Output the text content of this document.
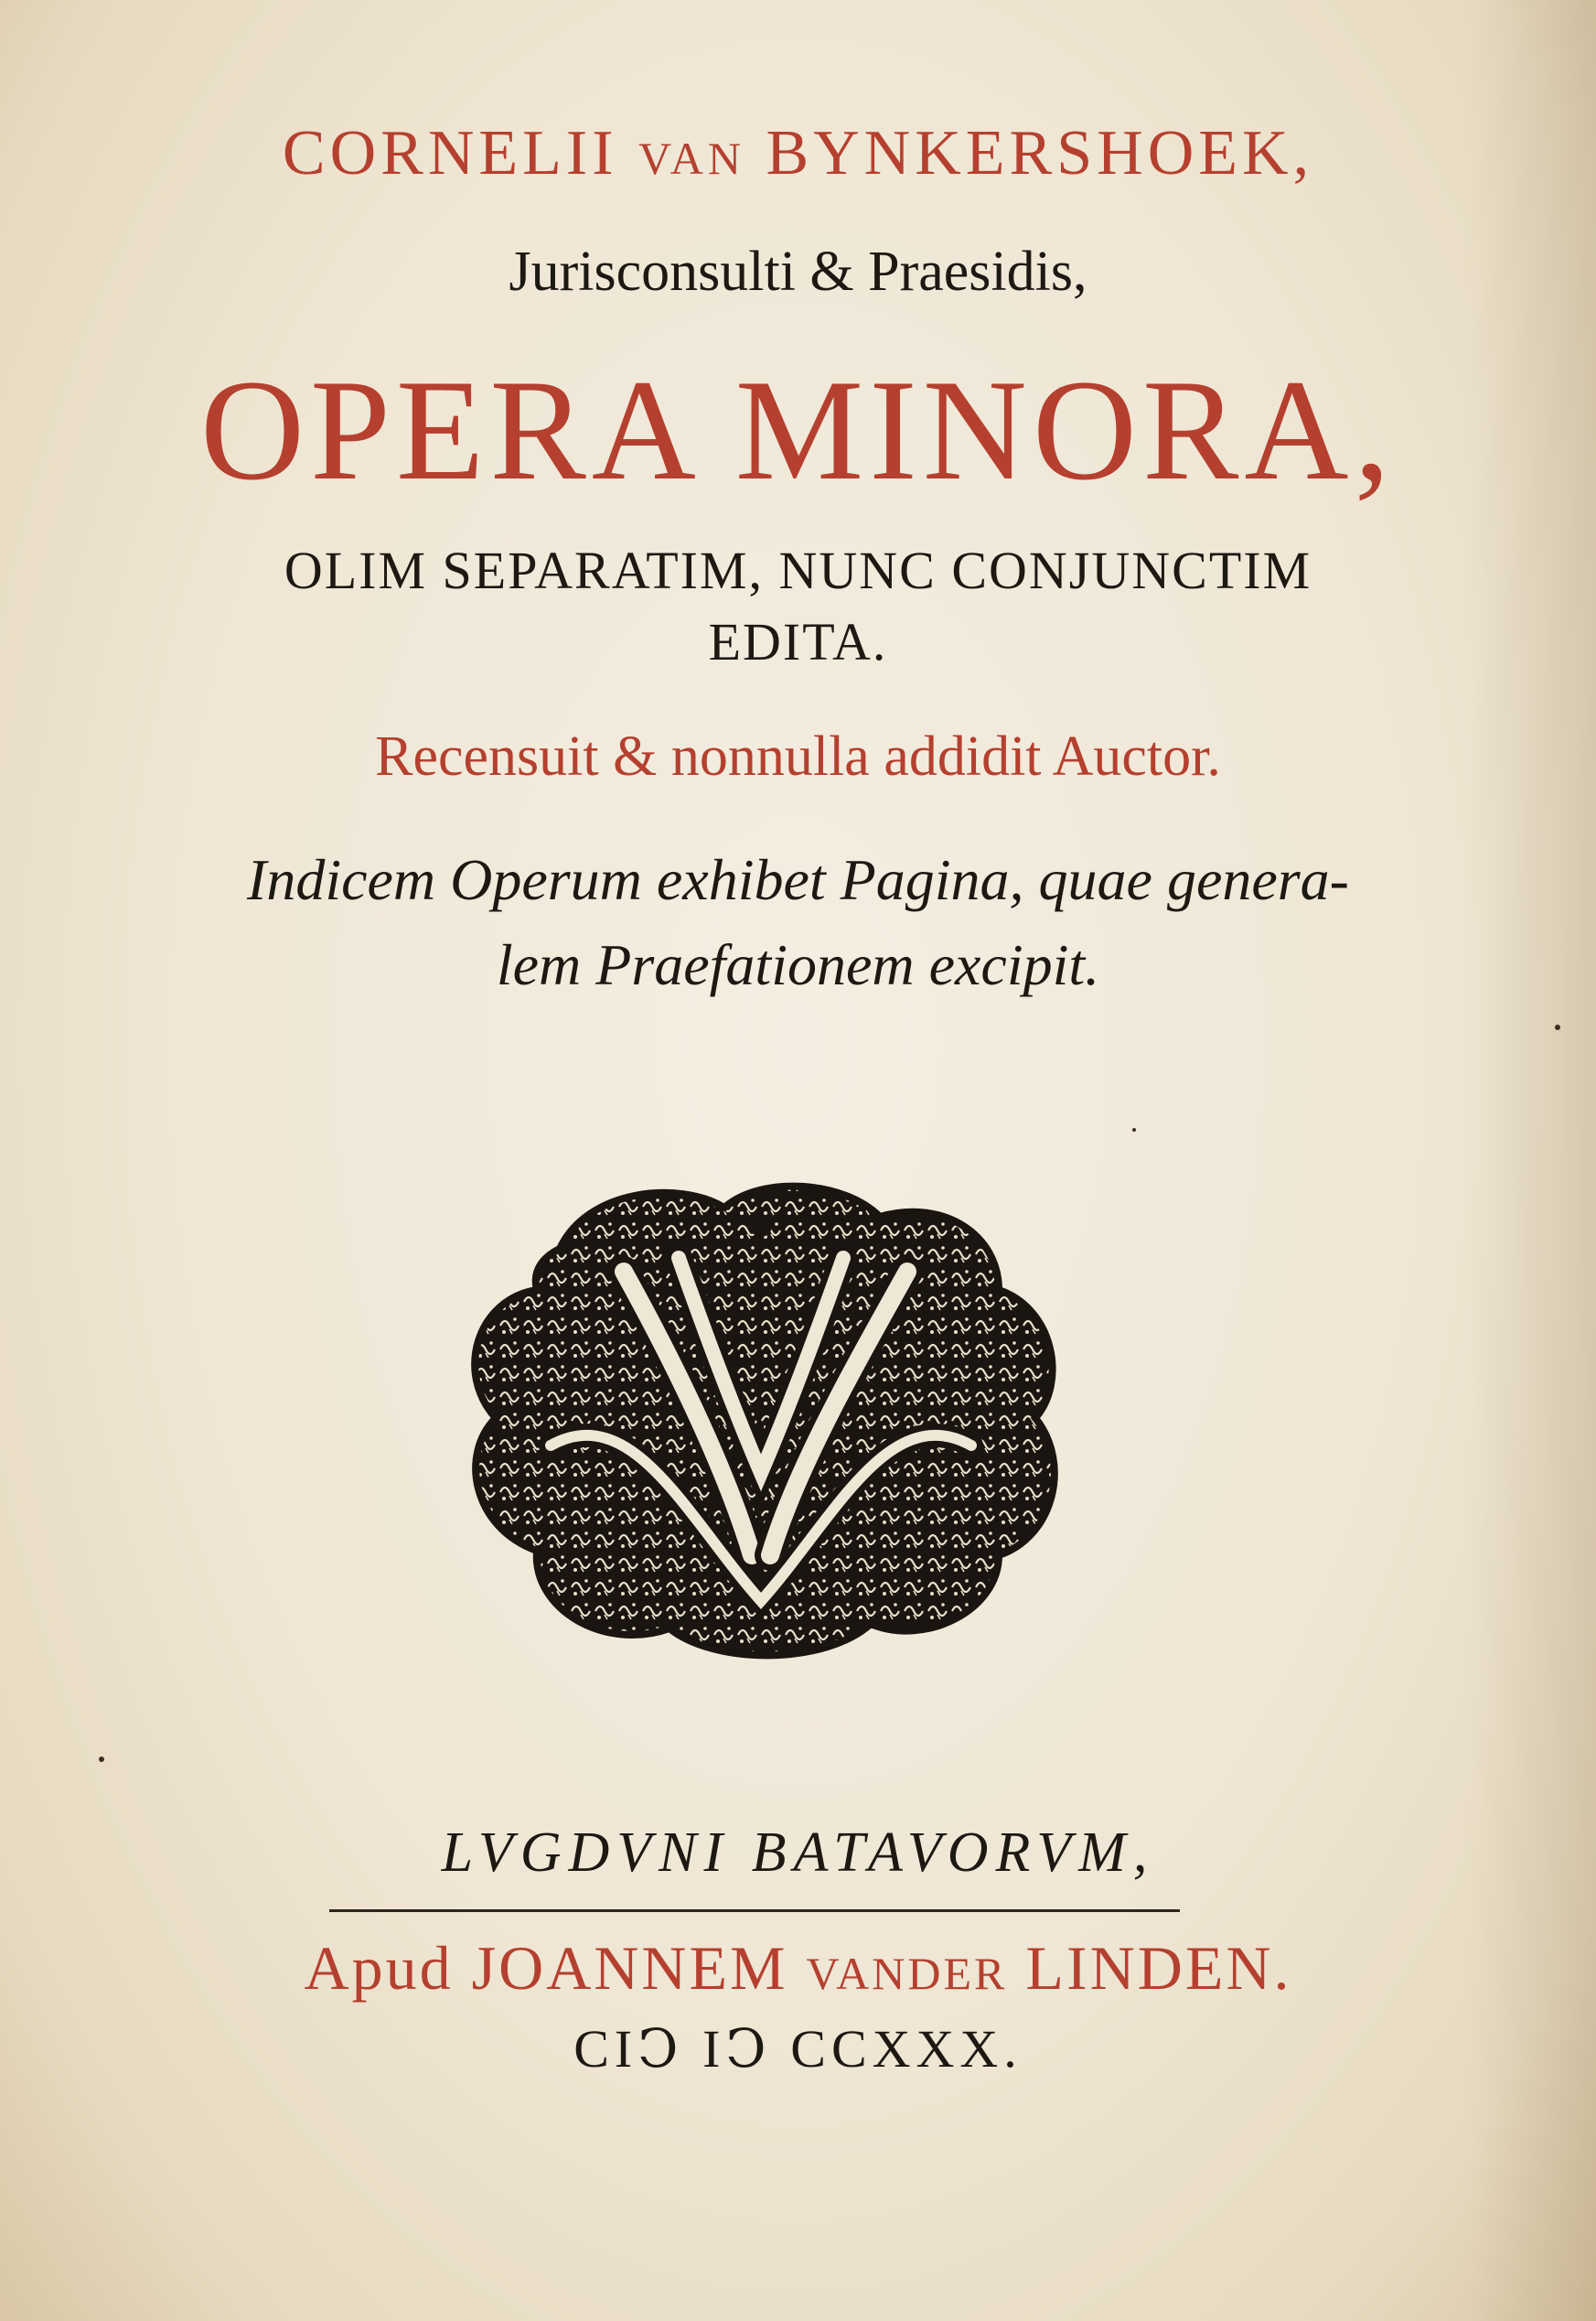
CORNELII VAN BYNKERSHOEK,
Jurisconsulti & Praesidis,
OPERA MINORA,
OLIM SEPARATIM, NUNC CONJUNCTIM
EDITA.
Recensuit & nonnulla addidit Auctor.
Indicem Operum exhibet Pagina, quae genera-
lem Praefationem excipit.
LVGDVNI BATAVORVM,
Apud JOANNEM VANDER LINDEN.
CIↃ IↃ CCXXX.
